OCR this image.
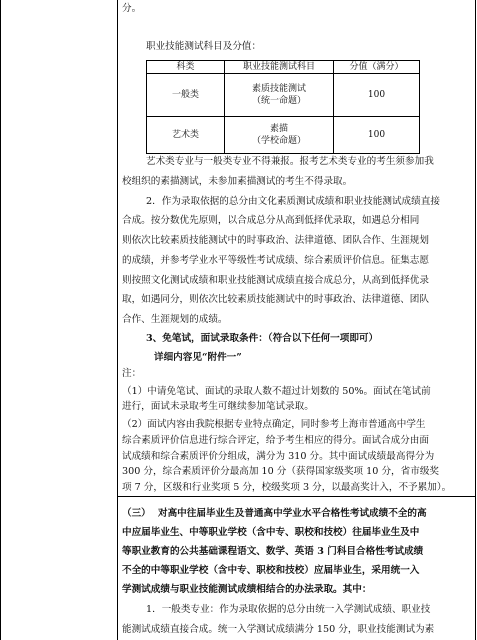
分。
职业技能测试科目及分值：
科类	职业技能测试科目	分值（满分）
一般类	素质技能测试
（统一命题）	100
艺术类	素描
（学校命题）	100
艺术类专业与一般类专业不得兼报。报考艺术类专业的考生须参加我
校组织的素描测试，未参加素描测试的考生不得录取。
2．作为录取依据的总分由文化素质测试成绩和职业技能测试成绩直接
合成。按分数优先原则，以合成总分从高到低择优录取，如遇总分相同
则依次比较素质技能测试中的时事政治、法律道德、团队合作、生涯规划
的成绩，并参考学业水平等级性考试成绩、综合素质评价信息。征集志愿
则按照文化测试成绩和职业技能测试成绩直接合成总分，从高到低择优录
取，如遇同分，则依次比较素质技能测试中的时事政治、法律道德、团队
合作、生涯规划的成绩。
3、免笔试，面试录取条件：（符合以下任何一项即可）
详细内容见“附件一”
注：
（1）中请免笔试、面试的录取人数不超过计划数的 50%。面试在笔试前
进行，面试未录取考生可继续参加笔试录取。
（2）面试内容由我院根据专业特点确定，同时参考上海市普通高中学生
综合素质评价信息进行综合评定，给予考生相应的得分。面试合成分由面
试成绩和综合素质评价分组成，满分为 310 分。其中面试成绩最高得分为
300 分，综合素质评价分最高加 10 分（获得国家级奖项 10 分，省市级奖
项 7 分，区级和行业奖项 5 分，校级奖项 3 分，以最高奖计入，不予累加）。
（三） 对高中往届毕业生及普通高中学业水平合格性考试成绩不全的高
中应届毕业生、中等职业学校（含中专、职校和技校）往届毕业生及中
等职业教育的公共基础课程语文、数学、英语 3 门科目合格性考试成绩
不全的中等职业学校（含中专、职校和技校）应届毕业生，采用统一入
学测试成绩与职业技能测试成绩相结合的办法录取。其中：
1．一般类专业：作为录取依据的总分由统一入学测试成绩、职业技
能测试成绩直接合成。统一入学测试成绩满分 150 分，职业技能测试为素
